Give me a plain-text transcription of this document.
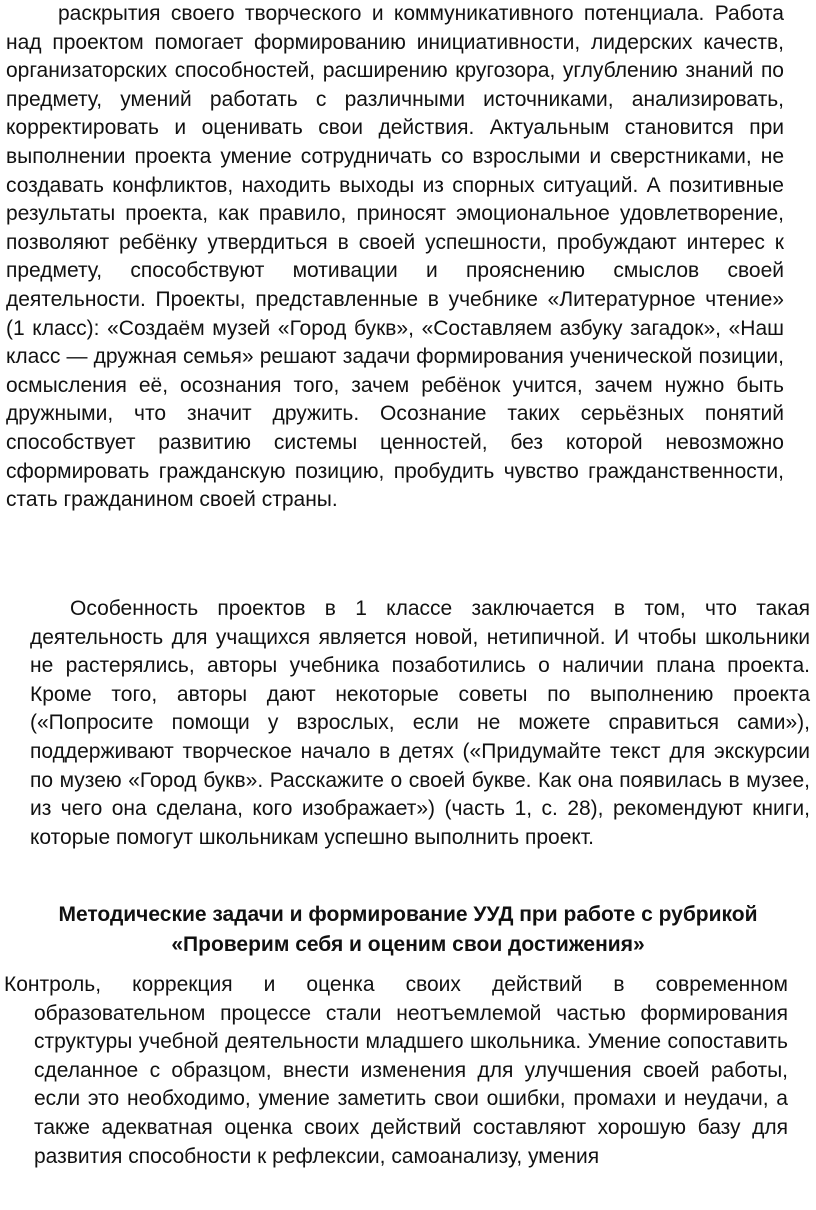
раскрытия своего творческого и коммуникативного потенциала. Работа над проектом помогает формированию инициативности, лидерских качеств, организаторских способностей, расширению кругозора, углублению знаний по предмету, умений работать с различными источниками, анализировать, корректировать и оценивать свои действия. Актуальным становится при выполнении проекта умение сотрудничать со взрослыми и сверстниками, не создавать конфликтов, находить выходы из спорных ситуаций. А позитивные результаты проекта, как правило, приносят эмоциональное удовлетворение, позволяют ребёнку утвердиться в своей успешности, пробуждают интерес к предмету, способствуют мотивации и прояснению смыслов своей деятельности. Проекты, представленные в учебнике «Литературное чтение» (1 класс): «Создаём музей «Город букв», «Составляем азбуку загадок», «Наш класс — дружная семья» решают задачи формирования ученической позиции, осмысления её, осознания того, зачем ребёнок учится, зачем нужно быть дружными, что значит дружить. Осознание таких серьёзных понятий способствует развитию системы ценностей, без которой невозможно сформировать гражданскую позицию, пробудить чувство гражданственности, стать гражданином своей страны.

Особенность проектов в 1 классе заключается в том, что такая деятельность для учащихся является новой, нетипичной. И чтобы школьники не растерялись, авторы учебника позаботились о наличии плана проекта. Кроме того, авторы дают некоторые советы по выполнению проекта («Попросите помощи у взрослых, если не можете справиться сами»), поддерживают творческое начало в детях («Придумайте текст для экскурсии по музею «Город букв». Расскажите о своей букве. Как она появилась в музее, из чего она сделана, кого изображает») (часть 1, с. 28), рекомендуют книги, которые помогут школьникам успешно выполнить проект.

Методические задачи и формирование УУД при работе с рубрикой
«Проверим себя и оценим свои достижения»

Контроль, коррекция и оценка своих действий в современном
образовательном процессе стали неотъемлемой частью формирования структуры учебной деятельности младшего школьника. Умение сопоставить сделанное с образцом, внести изменения для улучшения своей работы, если это необходимо, умение заметить свои ошибки, промахи и неудачи, а также адекватная оценка своих действий составляют хорошую базу для развития способности к рефлексии, самоанализу, умения
